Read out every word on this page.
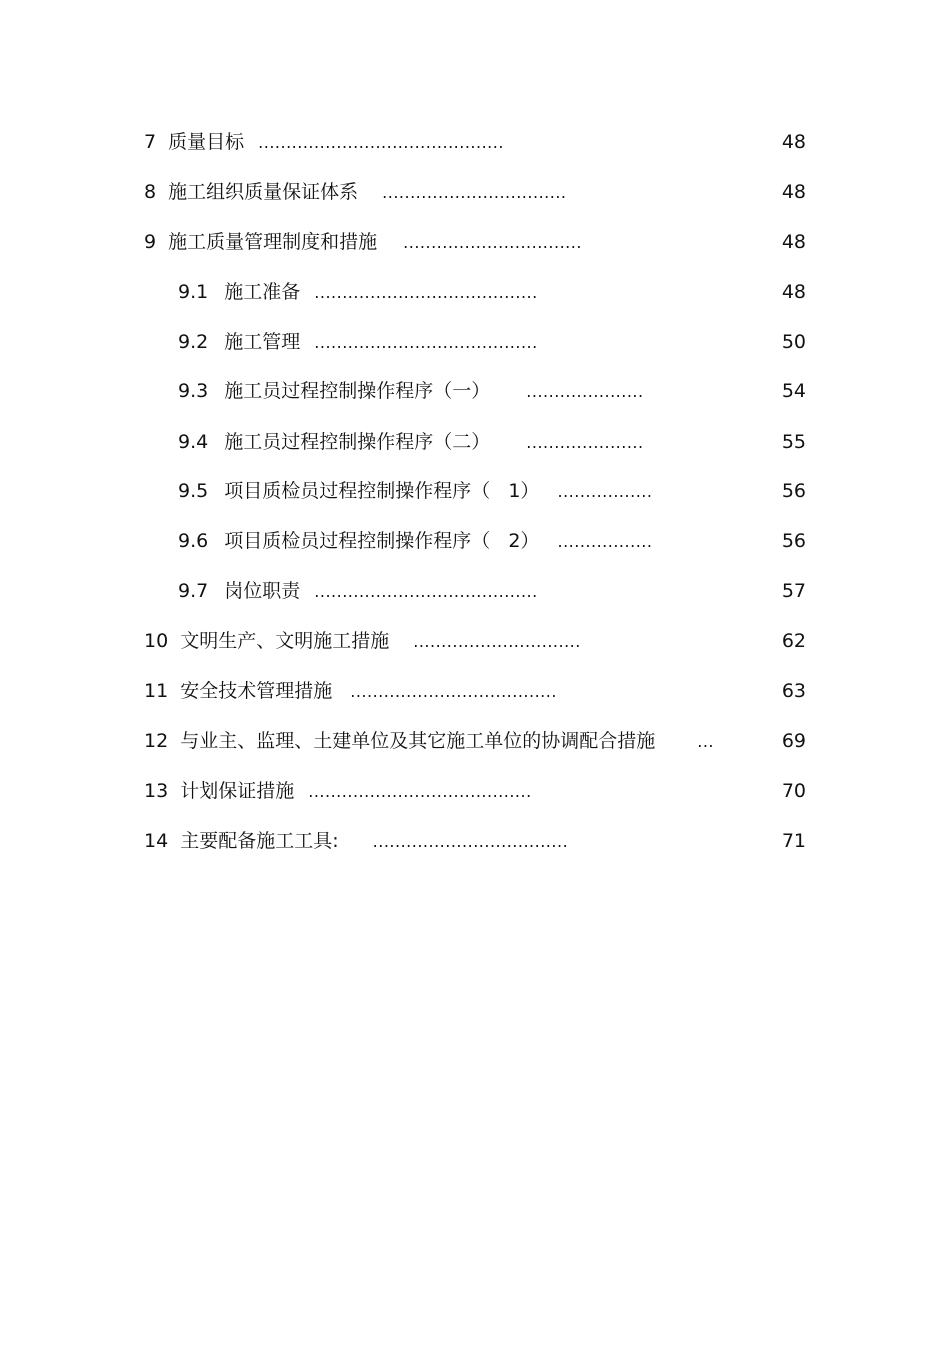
7 质量目标 ............................................	48
8 施工组织质量保证体系 .................................	48
9 施工质量管理制度和措施 ................................	48
9.1 施工准备 ........................................	48
9.2 施工管理 ........................................	50
9.3 施工员过程控制操作程序（一） .....................	54
9.4 施工员过程控制操作程序（二） .....................	55
9.5 项目质检员过程控制操作程序（   1） .................	56
9.6 项目质检员过程控制操作程序（   2） .................	56
9.7 岗位职责 ........................................	57
10 文明生产、文明施工措施 ..............................	62
11 安全技术管理措施 .....................................	63
12 与业主、监理、土建单位及其它施工单位的协调配合措施	...	69
13 计划保证措施 ........................................	70
14 主要配备施工工具: ...................................	71
